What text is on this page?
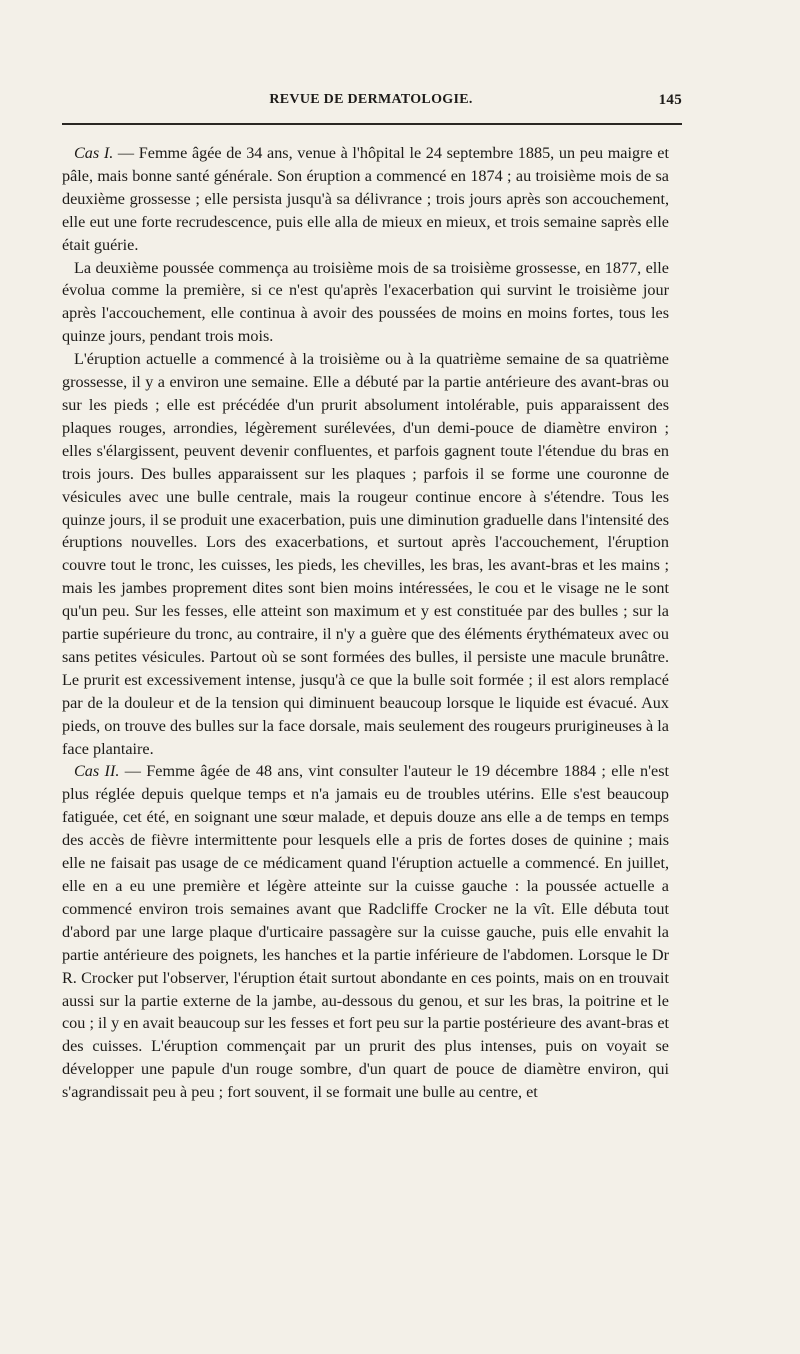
REVUE DE DERMATOLOGIE.	145

Cas I. — Femme âgée de 34 ans, venue à l'hôpital le 24 septembre 1885, un peu maigre et pâle, mais bonne santé générale. Son éruption a commencé en 1874 ; au troisième mois de sa deuxième grossesse ; elle persista jusqu'à sa délivrance ; trois jours après son accouchement, elle eut une forte recrudescence, puis elle alla de mieux en mieux, et trois semaine saprès elle était guérie.

La deuxième poussée commença au troisième mois de sa troisième grossesse, en 1877, elle évolua comme la première, si ce n'est qu'après l'exacerbation qui survint le troisième jour après l'accouchement, elle continua à avoir des poussées de moins en moins fortes, tous les quinze jours, pendant trois mois.

L'éruption actuelle a commencé à la troisième ou à la quatrième semaine de sa quatrième grossesse, il y a environ une semaine. Elle a débuté par la partie antérieure des avant-bras ou sur les pieds ; elle est précédée d'un prurit absolument intolérable, puis apparaissent des plaques rouges, arrondies, légèrement surélevées, d'un demi-pouce de diamètre environ ; elles s'élargissent, peuvent devenir confluentes, et parfois gagnent toute l'étendue du bras en trois jours. Des bulles apparaissent sur les plaques ; parfois il se forme une couronne de vésicules avec une bulle centrale, mais la rougeur continue encore à s'étendre. Tous les quinze jours, il se produit une exacerbation, puis une diminution graduelle dans l'intensité des éruptions nouvelles. Lors des exacerbations, et surtout après l'accouchement, l'éruption couvre tout le tronc, les cuisses, les pieds, les chevilles, les bras, les avant-bras et les mains ; mais les jambes proprement dites sont bien moins intéressées, le cou et le visage ne le sont qu'un peu. Sur les fesses, elle atteint son maximum et y est constituée par des bulles ; sur la partie supérieure du tronc, au contraire, il n'y a guère que des éléments érythémateux avec ou sans petites vésicules. Partout où se sont formées des bulles, il persiste une macule brunâtre. Le prurit est excessivement intense, jusqu'à ce que la bulle soit formée ; il est alors remplacé par de la douleur et de la tension qui diminuent beaucoup lorsque le liquide est évacué. Aux pieds, on trouve des bulles sur la face dorsale, mais seulement des rougeurs prurigineuses à la face plantaire.

Cas II. — Femme âgée de 48 ans, vint consulter l'auteur le 19 décembre 1884 ; elle n'est plus réglée depuis quelque temps et n'a jamais eu de troubles utérins. Elle s'est beaucoup fatiguée, cet été, en soignant une sœur malade, et depuis douze ans elle a de temps en temps des accès de fièvre intermittente pour lesquels elle a pris de fortes doses de quinine ; mais elle ne faisait pas usage de ce médicament quand l'éruption actuelle a commencé. En juillet, elle en a eu une première et légère atteinte sur la cuisse gauche : la poussée actuelle a commencé environ trois semaines avant que Radcliffe Crocker ne la vît. Elle débuta tout d'abord par une large plaque d'urticaire passagère sur la cuisse gauche, puis elle envahit la partie antérieure des poignets, les hanches et la partie inférieure de l'abdomen. Lorsque le Dr R. Crocker put l'observer, l'éruption était surtout abondante en ces points, mais on en trouvait aussi sur la partie externe de la jambe, au-dessous du genou, et sur les bras, la poitrine et le cou ; il y en avait beaucoup sur les fesses et fort peu sur la partie postérieure des avant-bras et des cuisses. L'éruption commençait par un prurit des plus intenses, puis on voyait se développer une papule d'un rouge sombre, d'un quart de pouce de diamètre environ, qui s'agrandissait peu à peu ; fort souvent, il se formait une bulle au centre, et
